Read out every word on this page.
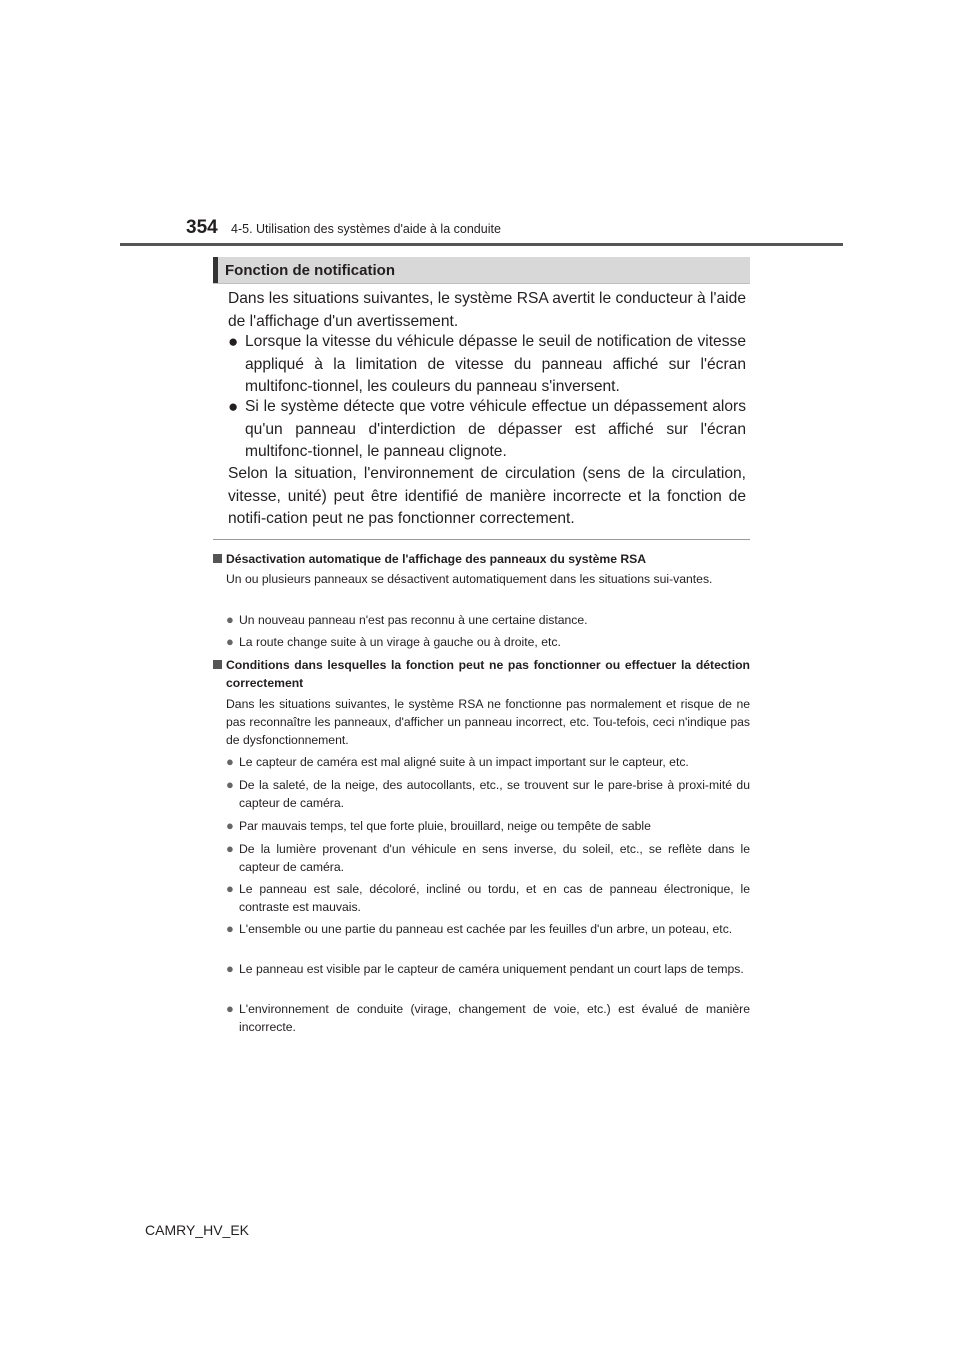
354 4-5. Utilisation des systèmes d'aide à la conduite
Fonction de notification
Dans les situations suivantes, le système RSA avertit le conducteur à l'aide de l'affichage d'un avertissement.
● Lorsque la vitesse du véhicule dépasse le seuil de notification de vitesse appliqué à la limitation de vitesse du panneau affiché sur l'écran multifonc-tionnel, les couleurs du panneau s'inversent.
● Si le système détecte que votre véhicule effectue un dépassement alors qu'un panneau d'interdiction de dépasser est affiché sur l'écran multifonc-tionnel, le panneau clignote.
Selon la situation, l'environnement de circulation (sens de la circulation, vitesse, unité) peut être identifié de manière incorrecte et la fonction de notifi-cation peut ne pas fonctionner correctement.
Désactivation automatique de l'affichage des panneaux du système RSA
Un ou plusieurs panneaux se désactivent automatiquement dans les situations sui-vantes.
● Un nouveau panneau n'est pas reconnu à une certaine distance.
● La route change suite à un virage à gauche ou à droite, etc.
Conditions dans lesquelles la fonction peut ne pas fonctionner ou effectuer la détection correctement
Dans les situations suivantes, le système RSA ne fonctionne pas normalement et risque de ne pas reconnaître les panneaux, d'afficher un panneau incorrect, etc. Tou-tefois, ceci n'indique pas de dysfonctionnement.
● Le capteur de caméra est mal aligné suite à un impact important sur le capteur, etc.
● De la saleté, de la neige, des autocollants, etc., se trouvent sur le pare-brise à proxi-mité du capteur de caméra.
● Par mauvais temps, tel que forte pluie, brouillard, neige ou tempête de sable
● De la lumière provenant d'un véhicule en sens inverse, du soleil, etc., se reflète dans le capteur de caméra.
● Le panneau est sale, décoloré, incliné ou tordu, et en cas de panneau électronique, le contraste est mauvais.
● L'ensemble ou une partie du panneau est cachée par les feuilles d'un arbre, un poteau, etc.
● Le panneau est visible par le capteur de caméra uniquement pendant un court laps de temps.
● L'environnement de conduite (virage, changement de voie, etc.) est évalué de manière incorrecte.
CAMRY_HV_EK
